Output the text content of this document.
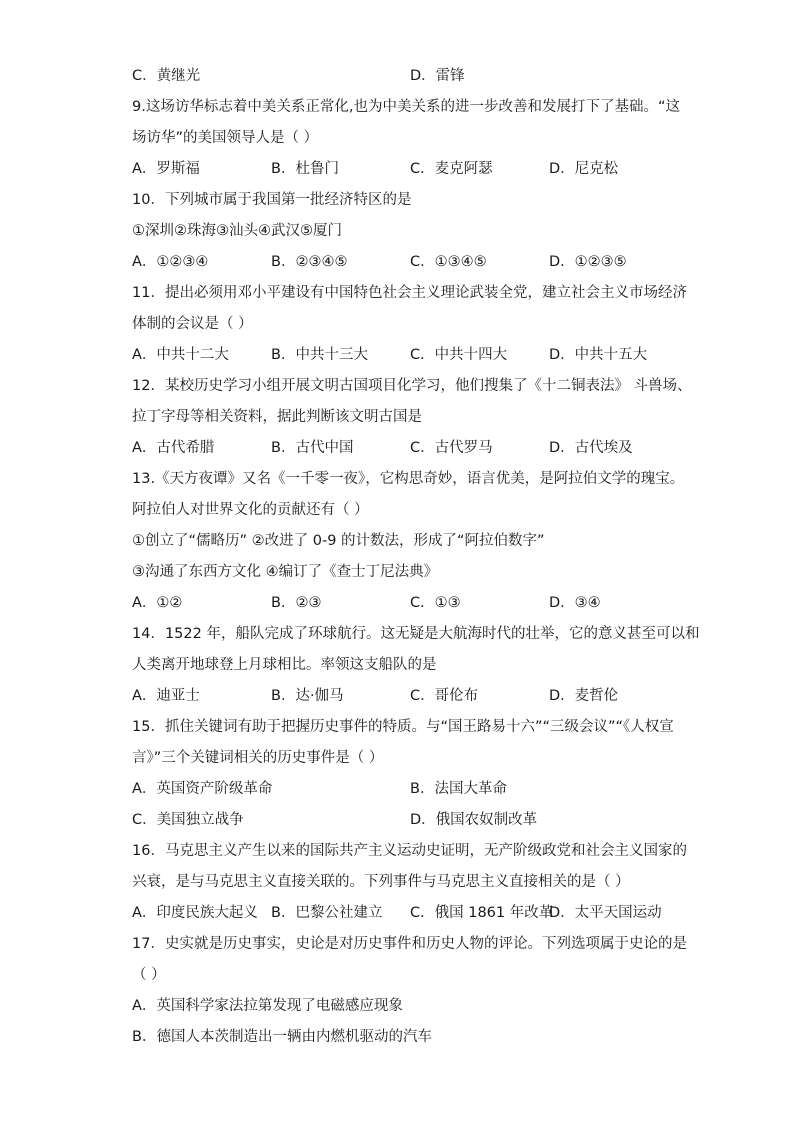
C．黄继光	D．雷锋
9.这场访华标志着中美关系正常化,也为中美关系的进一步改善和发展打下了基础。“这
场访华”的美国领导人是（ ）
A．罗斯福	B．杜鲁门	C．麦克阿瑟	D．尼克松
10．下列城市属于我国第一批经济特区的是
①深圳②珠海③汕头④武汉⑤厦门
A．①②③④	B．②③④⑤	C．①③④⑤	D．①②③⑤
11．提出必须用邓小平建设有中国特色社会主义理论武装全党，建立社会主义市场经济
体制的会议是（ ）
A．中共十二大	B．中共十三大	C．中共十四大	D．中共十五大
12．某校历史学习小组开展文明古国项目化学习，他们搜集了《十二铜表法》 斗兽场、
拉丁字母等相关资料，据此判断该文明古国是
A．古代希腊	B．古代中国	C．古代罗马	D．古代埃及
13.《天方夜谭》又名《一千零一夜》，它构思奇妙，语言优美，是阿拉伯文学的瑰宝。
阿拉伯人对世界文化的贡献还有（ ）
①创立了“儒略历” ②改进了 0-9 的计数法，形成了“阿拉伯数字”
③沟通了东西方文化 ④编订了《查士丁尼法典》
A．①②	B．②③	C．①③	D．③④
14．1522 年，船队完成了环球航行。这无疑是大航海时代的壮举，它的意义甚至可以和
人类离开地球登上月球相比。率领这支船队的是
A．迪亚士	B．达·伽马	C．哥伦布	D．麦哲伦
15．抓住关键词有助于把握历史事件的特质。与“国王路易十六”“三级会议”“《人权宣
言》”三个关键词相关的历史事件是（ ）
A．英国资产阶级革命	B．法国大革命
C．美国独立战争	D．俄国农奴制改革
16．马克思主义产生以来的国际共产主义运动史证明，无产阶级政党和社会主义国家的
兴衰，是与马克思主义直接关联的。下列事件与马克思主义直接相关的是（ ）
A．印度民族大起义 B．巴黎公社建立 C．俄国 1861 年改革
D．太平天国运动
17．史实就是历史事实，史论是对历史事件和历史人物的评论。下列选项属于史论的是
（ ）
A．英国科学家法拉第发现了电磁感应现象
B．德国人本茨制造出一辆由内燃机驱动的汽车
